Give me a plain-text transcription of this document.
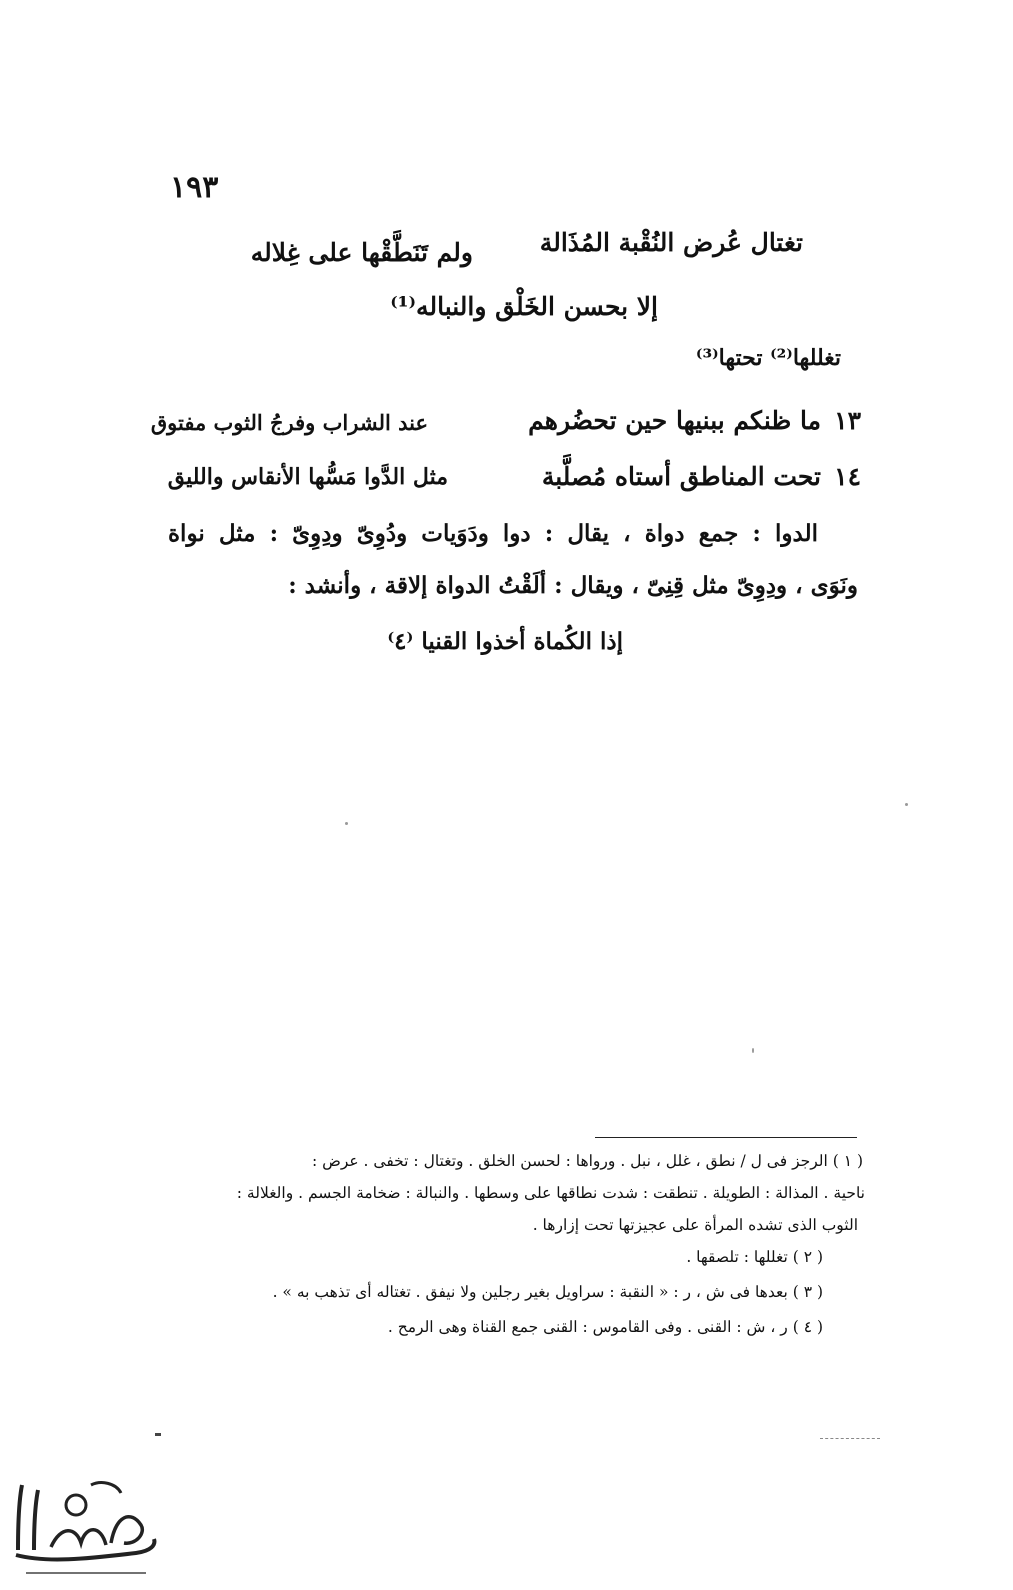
١٩٣
تغتال عُرض النُقْبة المُذَالة
ولم تَنَطَّقْها على غِلاله
إلا بحسن الخَلْق والنباله⁽¹⁾
تغللها⁽²⁾ تحتها⁽³⁾
١٣
ما ظنكم ببنيها حين تحضُرهم
عند الشراب وفرجُ الثوب مفتوق
١٤
تحت المناطق أستاه مُصلَّبة
مثل الدَّوا مَسُّها الأنقاس والليق
الدوا : جمع دواة ، يقال : دوا ودَوَيات ودُوِىّ ودِوِىّ : مثل نواة
ونَوَى ، ودِوِىّ مثل قِنِىّ ، ويقال : ألَقْتُ الدواة إلاقة ، وأنشد :
إذا الكُماة أخذوا القنيا ⁽٤⁾
( ١ ) الرجز فى ل / نطق ، غلل ، نبل . ورواها : لحسن الخلق . وتغتال : تخفى . عرض :
ناحية . المذالة : الطويلة . تنطقت : شدت نطاقها على وسطها . والنبالة : ضخامة الجسم . والغلالة :
الثوب الذى تشده المرأة على عجيزتها تحت إزارها .
( ٢ ) تغللها : تلصقها .
( ٣ ) بعدها فى ش ، ر : « النقبة : سراويل بغير رجلين ولا نيفق . تغتاله أى تذهب به » .
( ٤ ) ر ، ش : القنى . وفى القاموس : القنى جمع القناة وهى الرمح .
